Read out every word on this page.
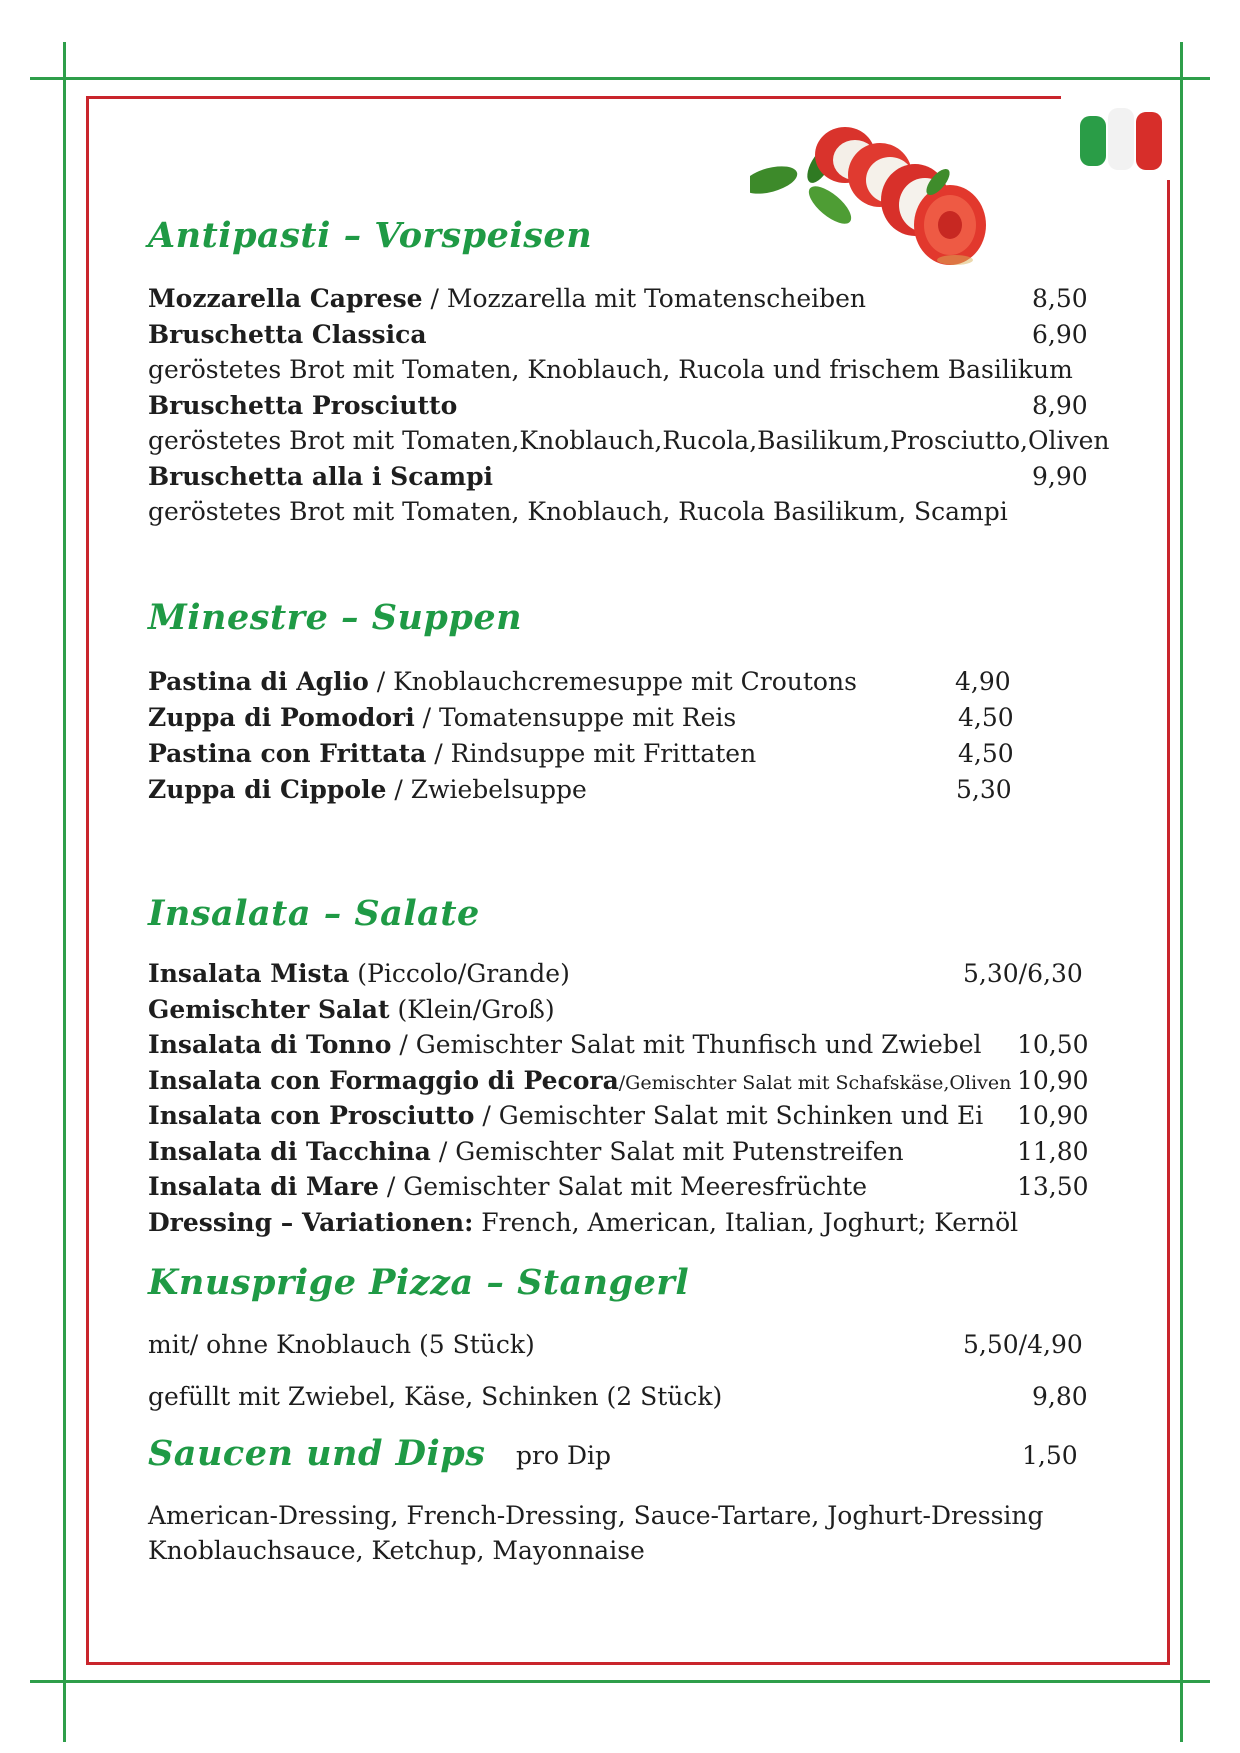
Antipasti – Vorspeisen
Mozzarella Caprese / Mozzarella mit Tomatenscheiben	8,50
Bruschetta Classica	6,90
geröstetes Brot mit Tomaten, Knoblauch, Rucola und frischem Basilikum
Bruschetta Prosciutto	8,90
geröstetes Brot mit Tomaten,Knoblauch,Rucola,Basilikum,Prosciutto,Oliven
Bruschetta alla i Scampi	9,90
geröstetes Brot mit Tomaten, Knoblauch, Rucola Basilikum, Scampi
Minestre – Suppen
Pastina di Aglio / Knoblauchcremesuppe mit Croutons	4,90
Zuppa di Pomodori / Tomatensuppe mit Reis	4,50
Pastina con Frittata / Rindsuppe mit Frittaten	4,50
Zuppa di Cippole / Zwiebelsuppe	5,30
Insalata – Salate
Insalata Mista (Piccolo/Grande)	5,30/6,30
Gemischter Salat (Klein/Groß)
Insalata di Tonno / Gemischter Salat mit Thunfisch und Zwiebel 10,50
Insalata con Formaggio di Pecora/Gemischter Salat mit Schafskäse,Oliven 10,90
Insalata con Prosciutto / Gemischter Salat mit Schinken und Ei 10,90
Insalata di Tacchina / Gemischter Salat mit Putenstreifen	11,80
Insalata di Mare / Gemischter Salat mit Meeresfrüchte	13,50
Dressing – Variationen: French, American, Italian, Joghurt; Kernöl
Knusprige Pizza – Stangerl
mit/ ohne Knoblauch (5 Stück)	5,50/4,90
gefüllt mit Zwiebel, Käse, Schinken (2 Stück)	9,80
Saucen und Dips pro Dip	1,50
American-Dressing, French-Dressing, Sauce-Tartare, Joghurt-Dressing
Knoblauchsauce, Ketchup, Mayonnaise
